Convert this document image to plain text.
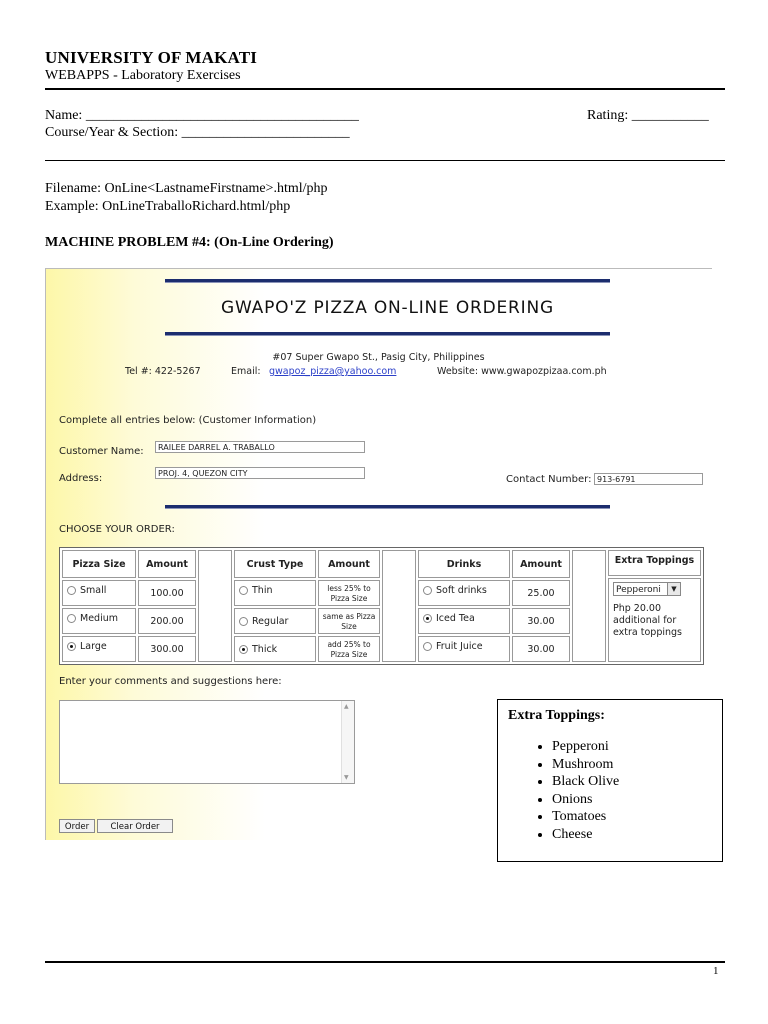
UNIVERSITY OF MAKATI
WEBAPPS - Laboratory Exercises
Name: _______________________________________	Rating: ___________
Course/Year & Section: ________________________
Filename: OnLine<LastnameFirstname>.html/php
Example: OnLineTraballoRichard.html/php
MACHINE PROBLEM #4: (On-Line Ordering)
GWAPO'Z PIZZA ON-LINE ORDERING
#07 Super Gwapo St., Pasig City, Philippines
Tel #: 422-5267	Email: gwapoz_pizza@yahoo.com	Website: www.gwapozpizaa.com.ph
Complete all entries below: (Customer Information)
Customer Name:	RAILEE DARREL A. TRABALLO
Address:	PROJ. 4, QUEZON CITY
Contact Number: 913-6791
CHOOSE YOUR ORDER:
Pizza Size	Amount
Small	100.00
Medium	200.00
Large	300.00
Crust Type	Amount
Thin	less 25% to Pizza Size
Regular	same as Pizza Size
Thick	add 25% to Pizza Size
Drinks	Amount
Soft drinks	25.00
Iced Tea	30.00
Fruit Juice	30.00
Extra Toppings
Pepperoni	▼
Php 20.00 additional for extra toppings
Enter your comments and suggestions here:
▲
▼
Order	Clear Order
Extra Toppings:
• Pepperoni
• Mushroom
• Black Olive
• Onions
• Tomatoes
• Cheese
1
